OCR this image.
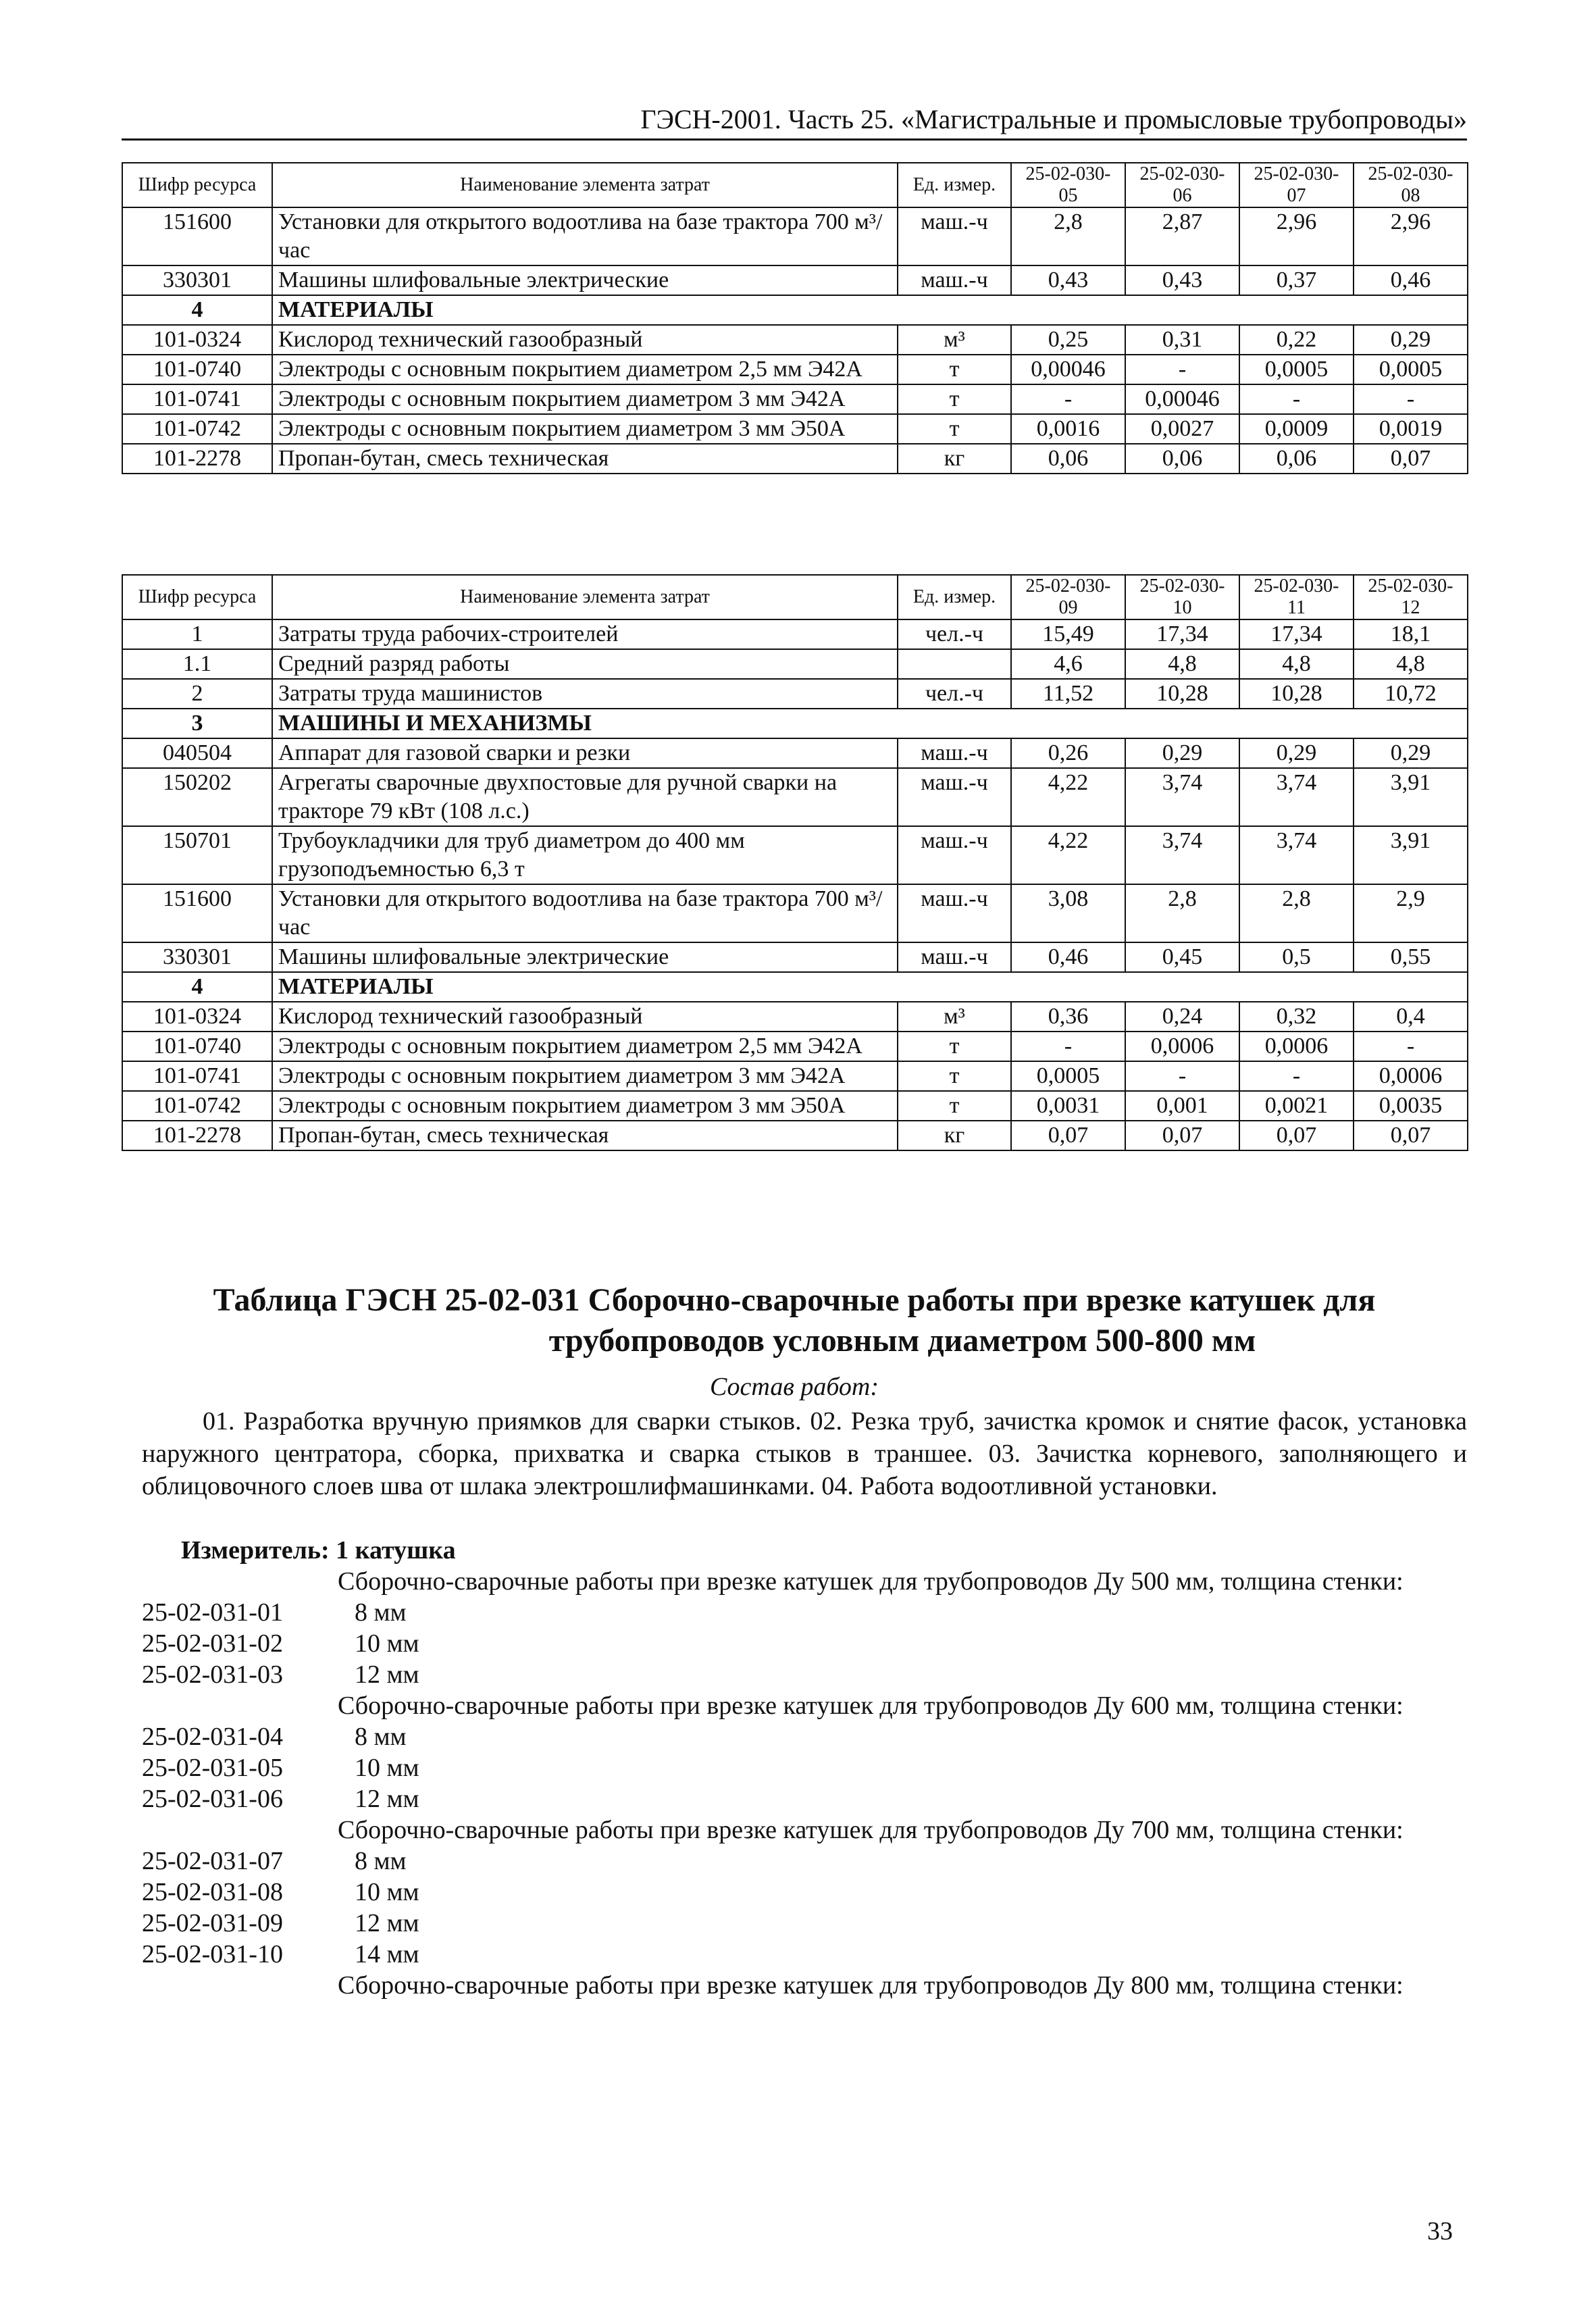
ГЭСН-2001. Часть 25. «Магистральные и промысловые трубопроводы»
Шифр ресурса	Наименование элемента затрат	Ед. измер.	25-02-030-05	25-02-030-06	25-02-030-07	25-02-030-08
151600	Установки для открытого водоотлива на базе трактора 700 м³/час	маш.-ч	2,8	2,87	2,96	2,96
330301	Машины шлифовальные электрические	маш.-ч	0,43	0,43	0,37	0,46
4	МАТЕРИАЛЫ					
101-0324	Кислород технический газообразный	м³	0,25	0,31	0,22	0,29
101-0740	Электроды с основным покрытием диаметром 2,5 мм Э42А	т	0,00046	-	0,0005	0,0005
101-0741	Электроды с основным покрытием диаметром 3 мм Э42А	т	-	0,00046	-	-
101-0742	Электроды с основным покрытием диаметром 3 мм Э50А	т	0,0016	0,0027	0,0009	0,0019
101-2278	Пропан-бутан, смесь техническая	кг	0,06	0,06	0,06	0,07
Шифр ресурса	Наименование элемента затрат	Ед. измер.	25-02-030-09	25-02-030-10	25-02-030-11	25-02-030-12
1	Затраты труда рабочих-строителей	чел.-ч	15,49	17,34	17,34	18,1
1.1	Средний разряд работы		4,6	4,8	4,8	4,8
2	Затраты труда машинистов	чел.-ч	11,52	10,28	10,28	10,72
3	МАШИНЫ И МЕХАНИЗМЫ					
040504	Аппарат для газовой сварки и резки	маш.-ч	0,26	0,29	0,29	0,29
150202	Агрегаты сварочные двухпостовые для ручной сварки на тракторе 79 кВт (108 л.с.)	маш.-ч	4,22	3,74	3,74	3,91
150701	Трубоукладчики для труб диаметром до 400 мм грузоподъемностью 6,3 т	маш.-ч	4,22	3,74	3,74	3,91
151600	Установки для открытого водоотлива на базе трактора 700 м³/час	маш.-ч	3,08	2,8	2,8	2,9
330301	Машины шлифовальные электрические	маш.-ч	0,46	0,45	0,5	0,55
4	МАТЕРИАЛЫ					
101-0324	Кислород технический газообразный	м³	0,36	0,24	0,32	0,4
101-0740	Электроды с основным покрытием диаметром 2,5 мм Э42А	т	-	0,0006	0,0006	-
101-0741	Электроды с основным покрытием диаметром 3 мм Э42А	т	0,0005	-	-	0,0006
101-0742	Электроды с основным покрытием диаметром 3 мм Э50А	т	0,0031	0,001	0,0021	0,0035
101-2278	Пропан-бутан, смесь техническая	кг	0,07	0,07	0,07	0,07
Таблица ГЭСН 25-02-031 Сборочно-сварочные работы при врезке катушек для
трубопроводов условным диаметром 500-800 мм
Состав работ:
01. Разработка вручную приямков для сварки стыков. 02. Резка труб, зачистка кромок и снятие фасок, установка наружного центратора, сборка, прихватка и сварка стыков в траншее. 03. Зачистка корневого, заполняющего и облицовочного слоев шва от шлака электрошлифмашинками. 04. Работа водоотливной установки.
Измеритель: 1 катушка
Сборочно-сварочные работы при врезке катушек для трубопроводов Ду 500 мм, толщина стенки:
25-02-031-01	8 мм
25-02-031-02	10 мм
25-02-031-03	12 мм
Сборочно-сварочные работы при врезке катушек для трубопроводов Ду 600 мм, толщина стенки:
25-02-031-04	8 мм
25-02-031-05	10 мм
25-02-031-06	12 мм
Сборочно-сварочные работы при врезке катушек для трубопроводов Ду 700 мм, толщина стенки:
25-02-031-07	8 мм
25-02-031-08	10 мм
25-02-031-09	12 мм
25-02-031-10	14 мм
Сборочно-сварочные работы при врезке катушек для трубопроводов Ду 800 мм, толщина стенки:
33
